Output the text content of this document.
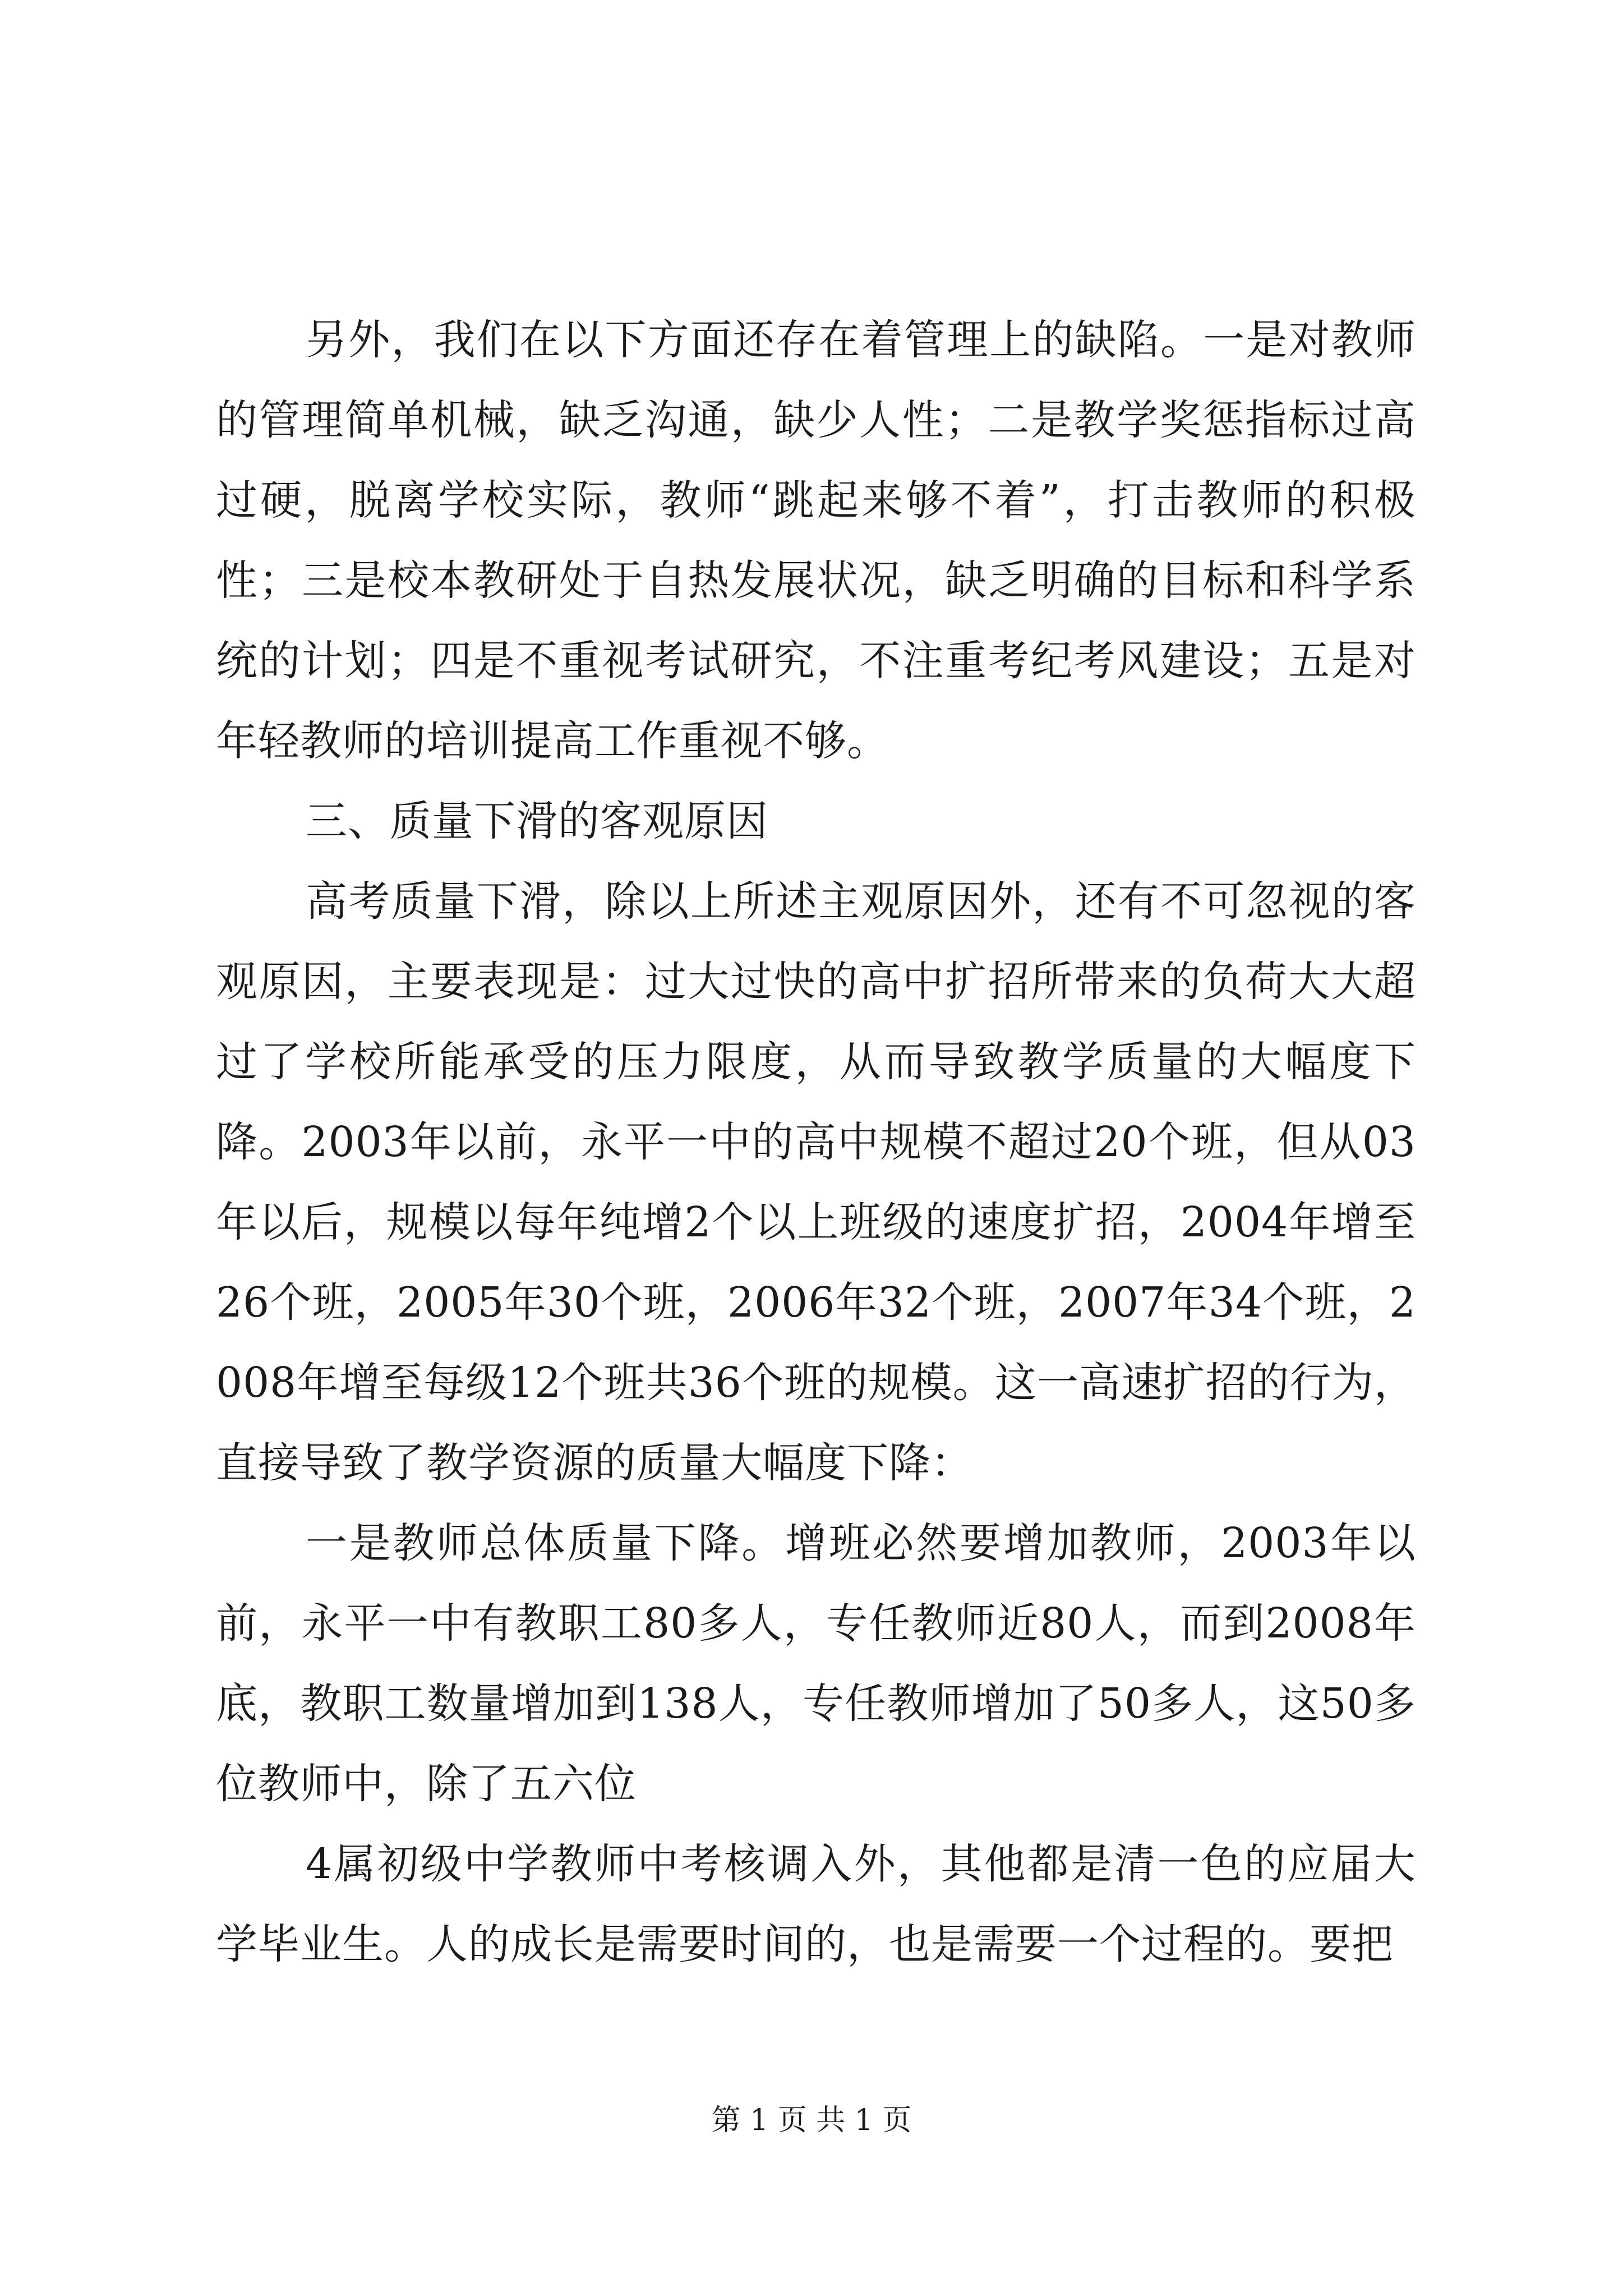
另外，我们在以下方面还存在着管理上的缺陷。一是对教师的管理简单机械，缺乏沟通，缺少人性；二是教学奖惩指标过高过硬，脱离学校实际，教师“跳起来够不着”，打击教师的积极性；三是校本教研处于自热发展状况，缺乏明确的目标和科学系统的计划；四是不重视考试研究，不注重考纪考风建设；五是对年轻教师的培训提高工作重视不够。

三、质量下滑的客观原因

高考质量下滑，除以上所述主观原因外，还有不可忽视的客观原因，主要表现是：过大过快的高中扩招所带来的负荷大大超过了学校所能承受的压力限度，从而导致教学质量的大幅度下降。2003年以前，永平一中的高中规模不超过20个班，但从03年以后，规模以每年纯增2个以上班级的速度扩招，2004年增至26个班，2005年30个班，2006年32个班，2007年34个班，2008年增至每级12个班共36个班的规模。这一高速扩招的行为，直接导致了教学资源的质量大幅度下降：

一是教师总体质量下降。增班必然要增加教师，2003年以前，永平一中有教职工80多人，专任教师近80人，而到2008年底，教职工数量增加到138人，专任教师增加了50多人，这50多位教师中，除了五六位

4属初级中学教师中考核调入外，其他都是清一色的应届大学毕业生。人的成长是需要时间的，也是需要一个过程的。要把

第 1 页 共 1 页
